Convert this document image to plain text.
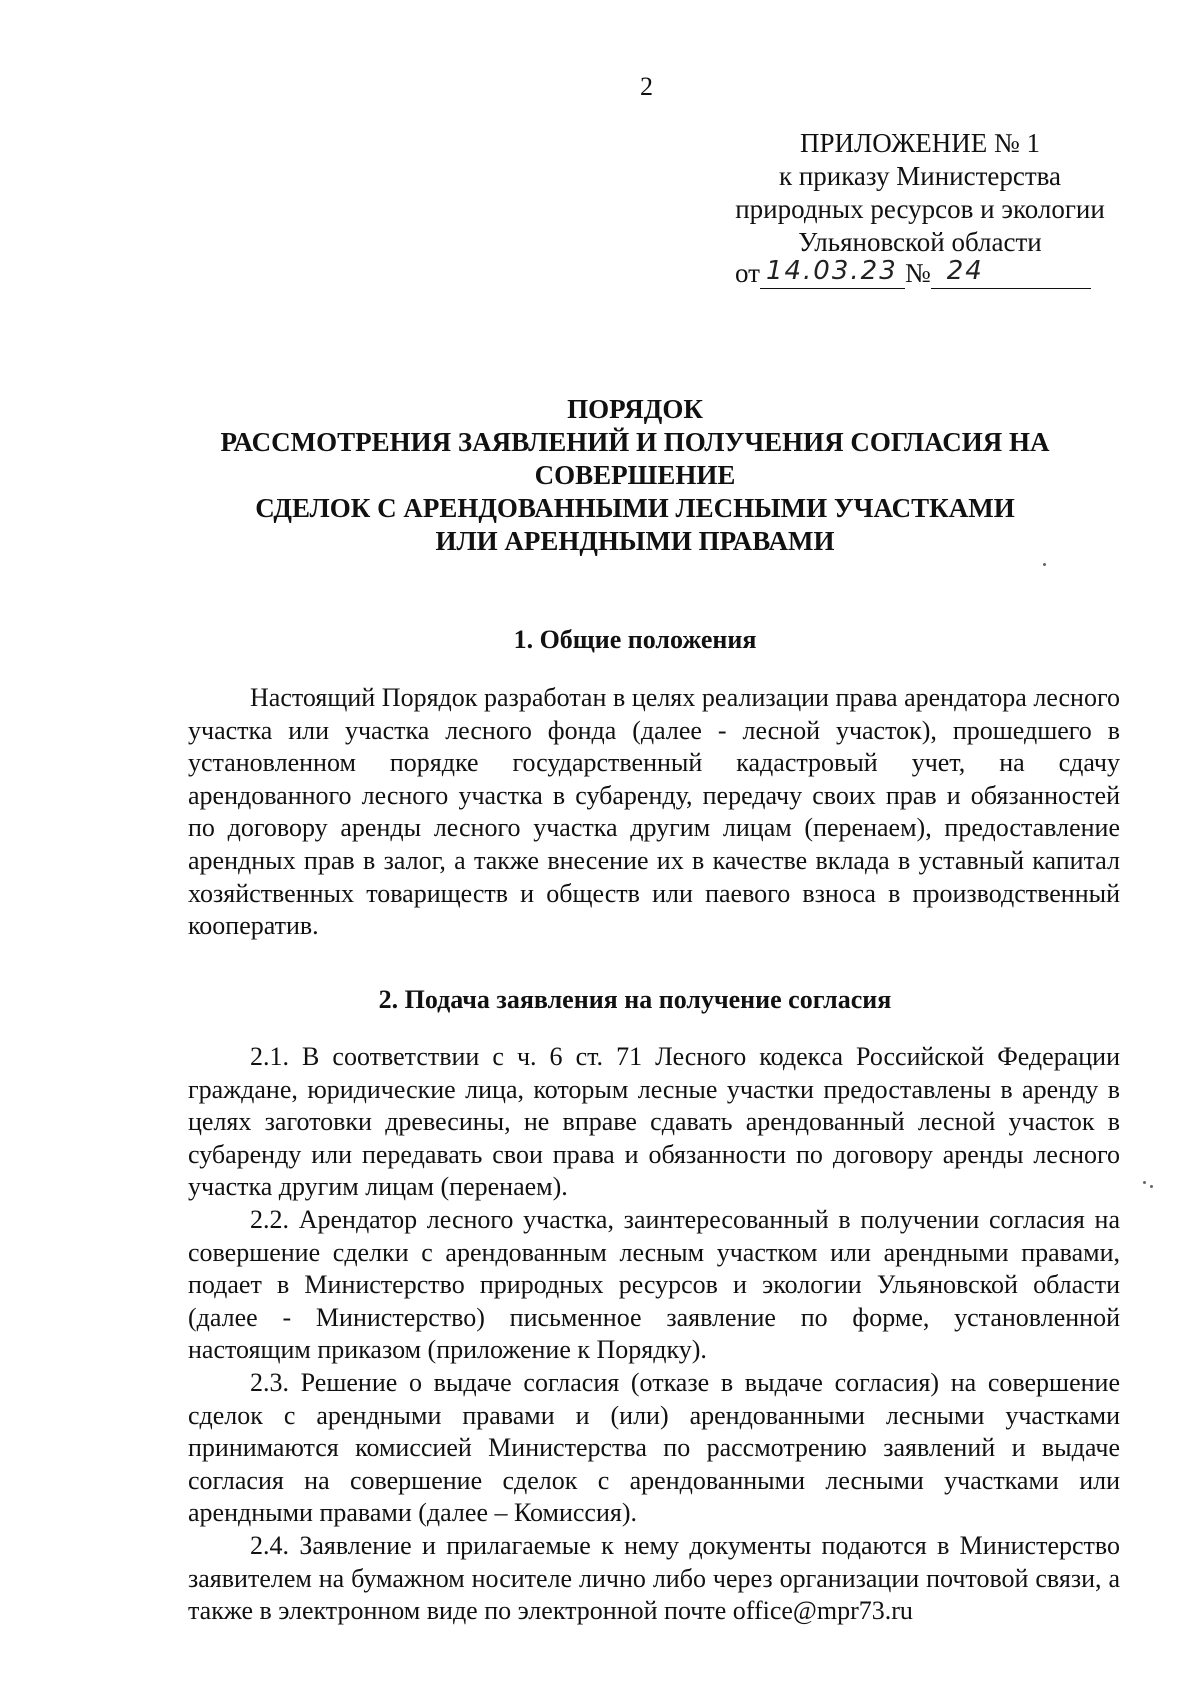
2
ПРИЛОЖЕНИЕ № 1
к приказу Министерства
природных ресурсов и экологии
Ульяновской области
от 14.03.23 № 24
ПОРЯДОК
РАССМОТРЕНИЯ ЗАЯВЛЕНИЙ И ПОЛУЧЕНИЯ СОГЛАСИЯ НА
СОВЕРШЕНИЕ
СДЕЛОК С АРЕНДОВАННЫМИ ЛЕСНЫМИ УЧАСТКАМИ
ИЛИ АРЕНДНЫМИ ПРАВАМИ
1. Общие положения
Настоящий Порядок разработан в целях реализации права арендатора лесного участка или участка лесного фонда (далее - лесной участок), прошедшего в установленном порядке государственный кадастровый учет, на сдачу арендованного лесного участка в субаренду, передачу своих прав и обязанностей по договору аренды лесного участка другим лицам (перенаем), предоставление арендных прав в залог, а также внесение их в качестве вклада в уставный капитал хозяйственных товариществ и обществ или паевого взноса в производственный кооператив.
2. Подача заявления на получение согласия
2.1. В соответствии с ч. 6 ст. 71 Лесного кодекса Российской Федерации граждане, юридические лица, которым лесные участки предоставлены в аренду в целях заготовки древесины, не вправе сдавать арендованный лесной участок в субаренду или передавать свои права и обязанности по договору аренды лесного участка другим лицам (перенаем).
2.2. Арендатор лесного участка, заинтересованный в получении согласия на совершение сделки с арендованным лесным участком или арендными правами, подает в Министерство природных ресурсов и экологии Ульяновской области (далее - Министерство) письменное заявление по форме, установленной настоящим приказом (приложение к Порядку).
2.3. Решение о выдаче согласия (отказе в выдаче согласия) на совершение сделок с арендными правами и (или) арендованными лесными участками принимаются комиссией Министерства по рассмотрению заявлений и выдаче согласия на совершение сделок с арендованными лесными участками или арендными правами (далее – Комиссия).
2.4. Заявление и прилагаемые к нему документы подаются в Министерство заявителем на бумажном носителе лично либо через организации почтовой связи, а также в электронном виде по электронной почте office@mpr73.ru
